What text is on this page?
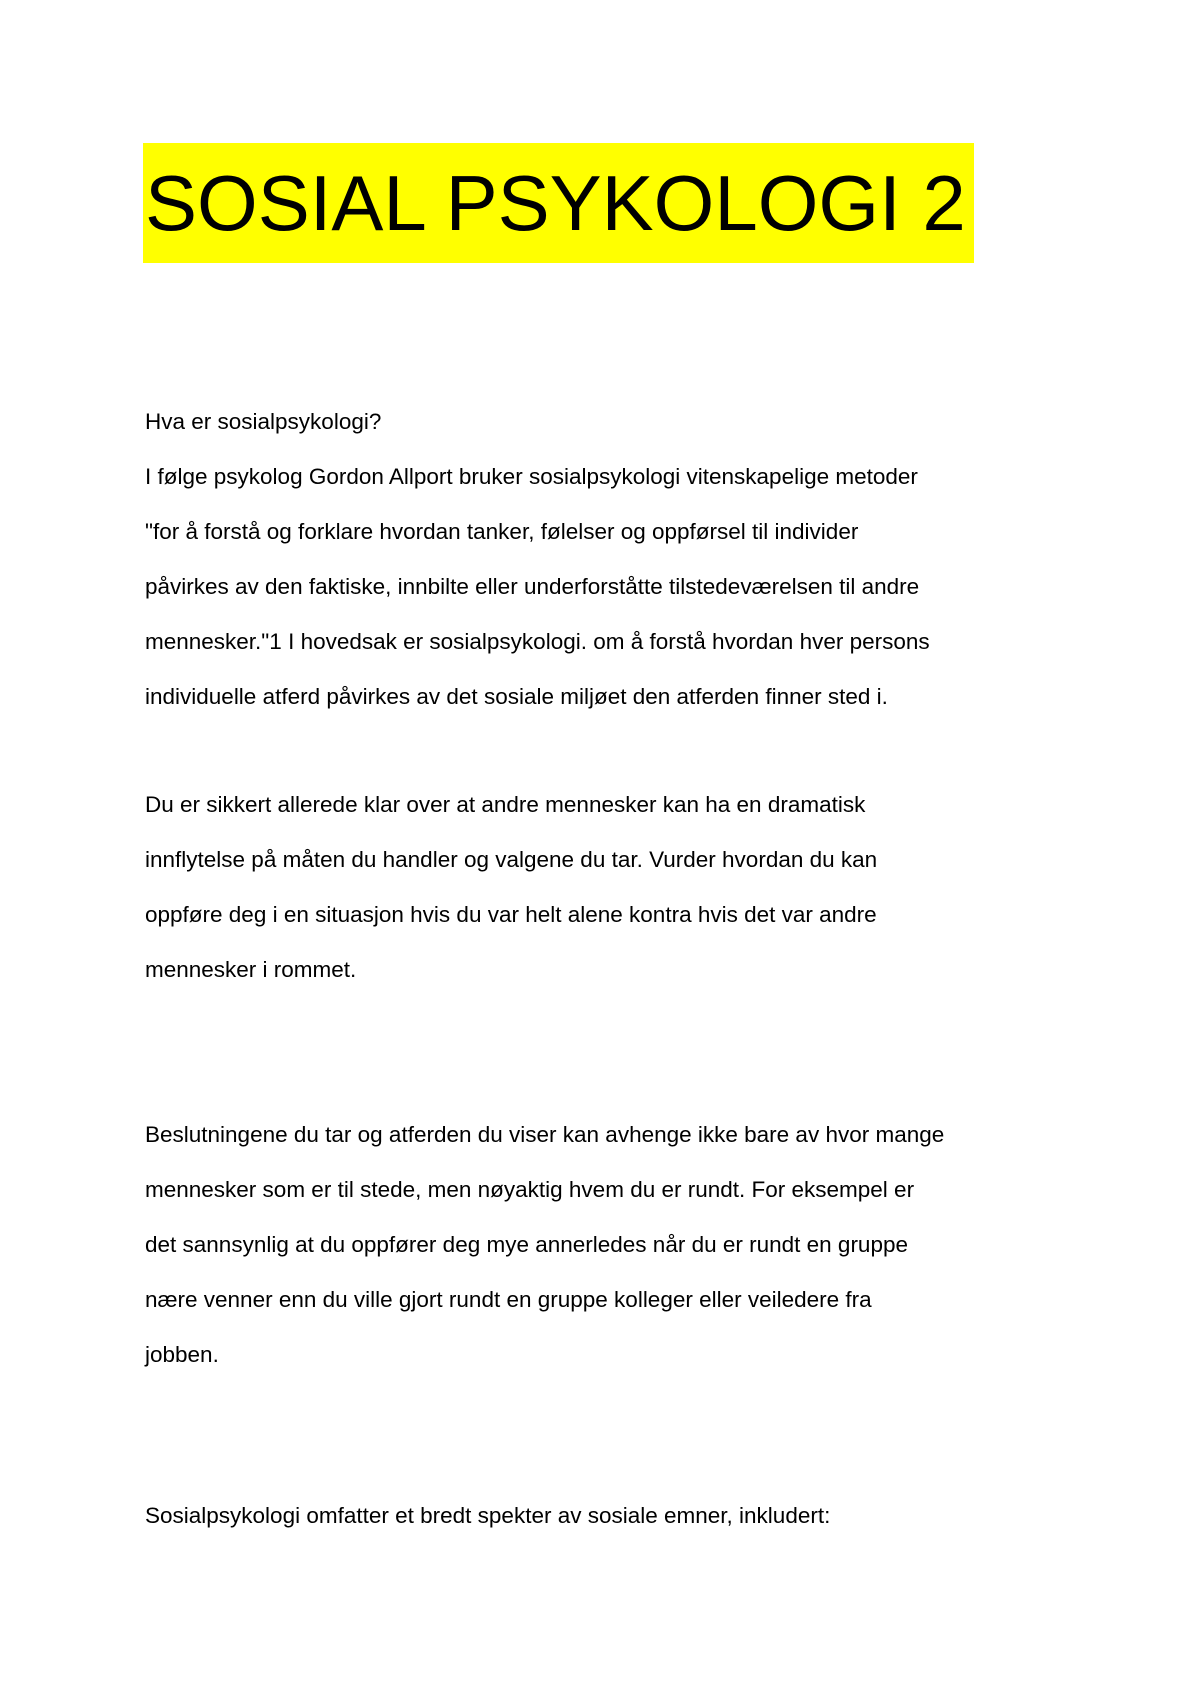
SOSIAL PSYKOLOGI 2
Hva er sosialpsykologi?
I følge psykolog Gordon Allport bruker sosialpsykologi vitenskapelige metoder
"for å forstå og forklare hvordan tanker, følelser og oppførsel til individer
påvirkes av den faktiske, innbilte eller underforståtte tilstedeværelsen til andre
mennesker."1 I hovedsak er sosialpsykologi. om å forstå hvordan hver persons
individuelle atferd påvirkes av det sosiale miljøet den atferden finner sted i.
Du er sikkert allerede klar over at andre mennesker kan ha en dramatisk
innflytelse på måten du handler og valgene du tar. Vurder hvordan du kan
oppføre deg i en situasjon hvis du var helt alene kontra hvis det var andre
mennesker i rommet.
Beslutningene du tar og atferden du viser kan avhenge ikke bare av hvor mange
mennesker som er til stede, men nøyaktig hvem du er rundt. For eksempel er
det sannsynlig at du oppfører deg mye annerledes når du er rundt en gruppe
nære venner enn du ville gjort rundt en gruppe kolleger eller veiledere fra
jobben.
Sosialpsykologi omfatter et bredt spekter av sosiale emner, inkludert:
